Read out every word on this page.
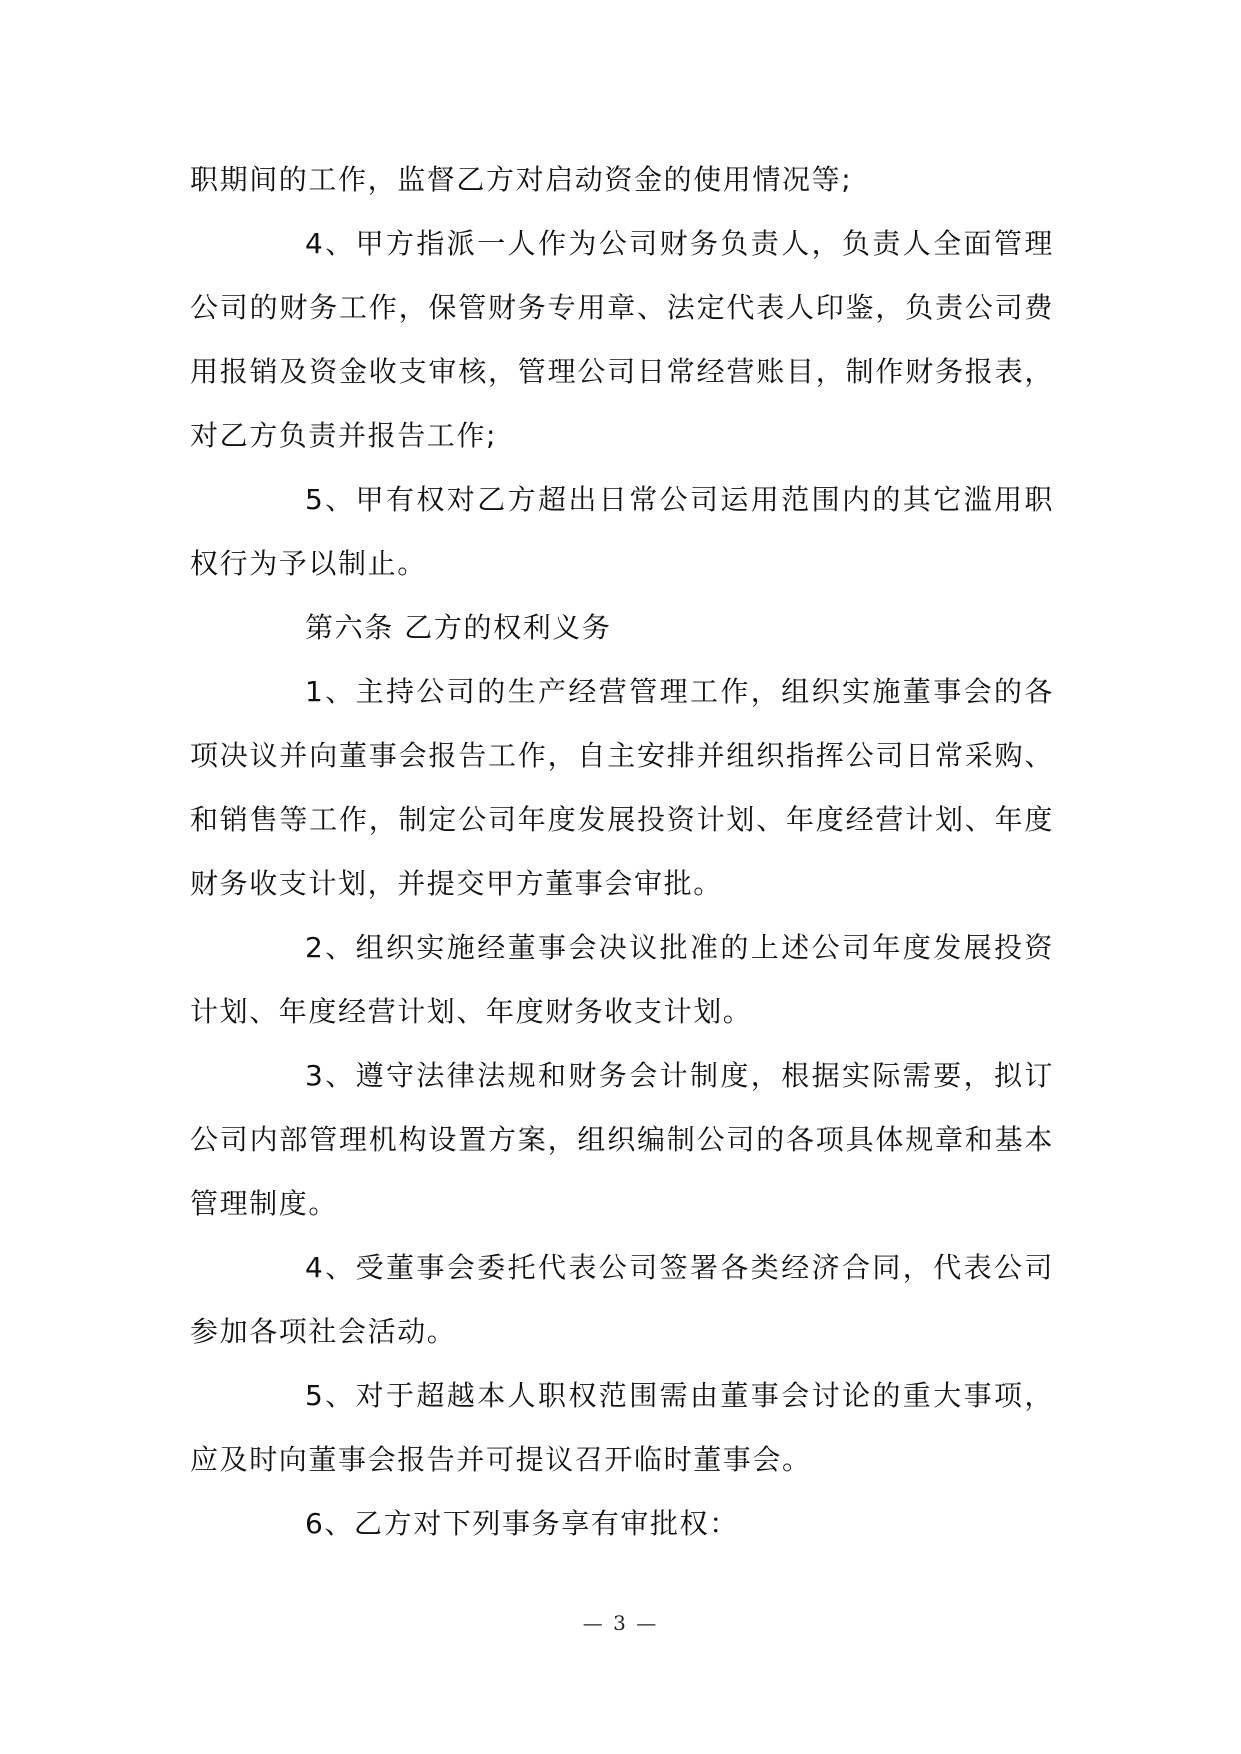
职期间的工作，监督乙方对启动资金的使用情况等;

4、甲方指派一人作为公司财务负责人，负责人全面管理公司的财务工作，保管财务专用章、法定代表人印鉴，负责公司费用报销及资金收支审核，管理公司日常经营账目，制作财务报表，对乙方负责并报告工作;

5、甲有权对乙方超出日常公司运用范围内的其它滥用职权行为予以制止。

第六条 乙方的权利义务

1、主持公司的生产经营管理工作，组织实施董事会的各项决议并向董事会报告工作，自主安排并组织指挥公司日常采购、和销售等工作，制定公司年度发展投资计划、年度经营计划、年度财务收支计划，并提交甲方董事会审批。

2、组织实施经董事会决议批准的上述公司年度发展投资计划、年度经营计划、年度财务收支计划。

3、遵守法律法规和财务会计制度，根据实际需要，拟订公司内部管理机构设置方案，组织编制公司的各项具体规章和基本管理制度。

4、受董事会委托代表公司签署各类经济合同，代表公司参加各项社会活动。

5、对于超越本人职权范围需由董事会讨论的重大事项，应及时向董事会报告并可提议召开临时董事会。

6、乙方对下列事务享有审批权：

— 3 —
